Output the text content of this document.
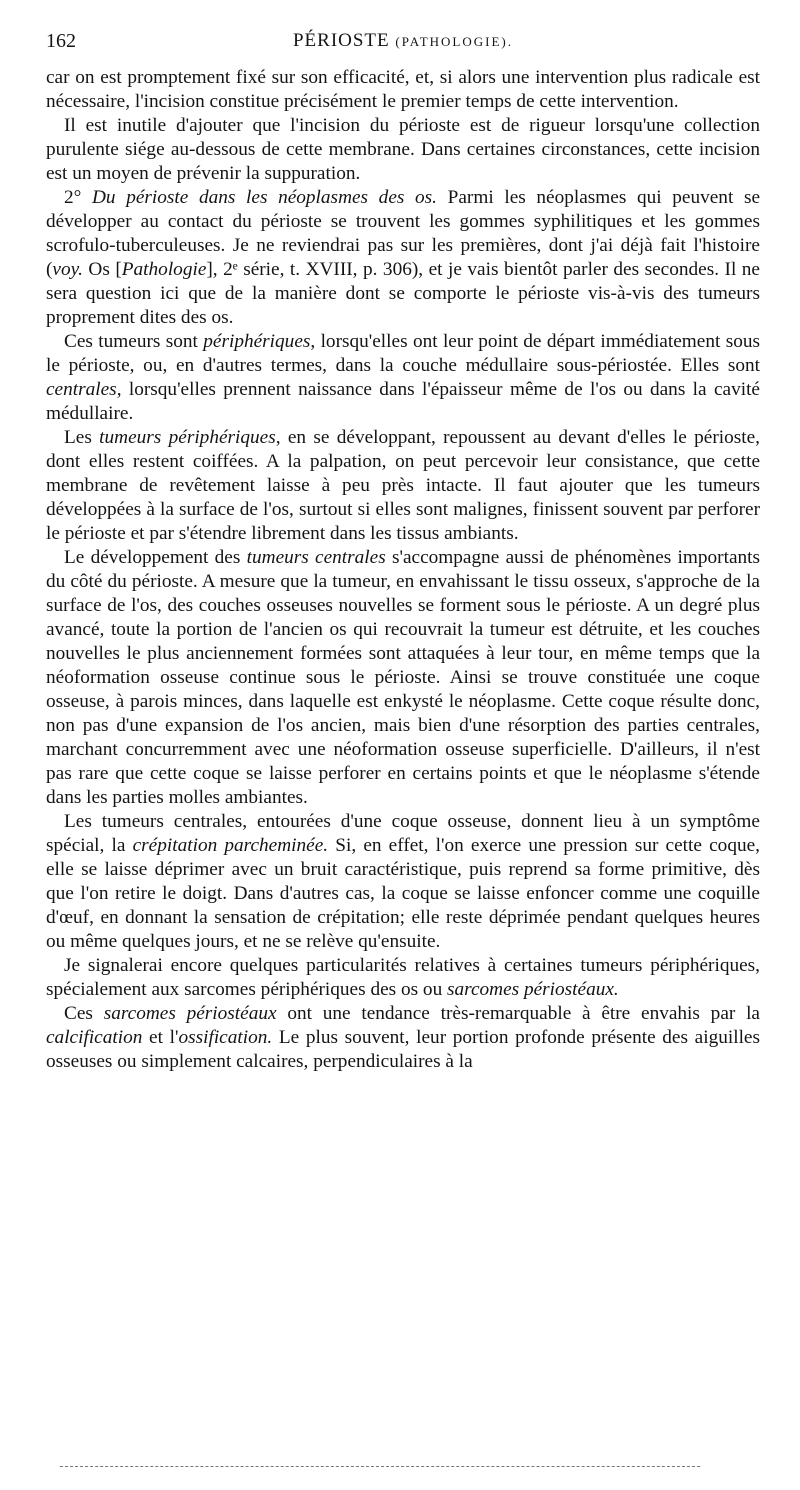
162	PÉRIOSTE (PATHOLOGIE).

car on est promptement fixé sur son efficacité, et, si alors une intervention plus radicale est nécessaire, l'incision constitue précisément le premier temps de cette intervention.

Il est inutile d'ajouter que l'incision du périoste est de rigueur lorsqu'une collection purulente siége au-dessous de cette membrane. Dans certaines circonstances, cette incision est un moyen de prévenir la suppuration.

2° Du périoste dans les néoplasmes des os. Parmi les néoplasmes qui peuvent se développer au contact du périoste se trouvent les gommes syphilitiques et les gommes scrofulo-tuberculeuses. Je ne reviendrai pas sur les premières, dont j'ai déjà fait l'histoire (voy. Os [Pathologie], 2ᵉ série, t. XVIII, p. 306), et je vais bientôt parler des secondes. Il ne sera question ici que de la manière dont se comporte le périoste vis-à-vis des tumeurs proprement dites des os.

Ces tumeurs sont périphériques, lorsqu'elles ont leur point de départ immédiatement sous le périoste, ou, en d'autres termes, dans la couche médullaire sous-périostée. Elles sont centrales, lorsqu'elles prennent naissance dans l'épaisseur même de l'os ou dans la cavité médullaire.

Les tumeurs périphériques, en se développant, repoussent au devant d'elles le périoste, dont elles restent coiffées. A la palpation, on peut percevoir leur consistance, que cette membrane de revêtement laisse à peu près intacte. Il faut ajouter que les tumeurs développées à la surface de l'os, surtout si elles sont malignes, finissent souvent par perforer le périoste et par s'étendre librement dans les tissus ambiants.

Le développement des tumeurs centrales s'accompagne aussi de phénomènes importants du côté du périoste. A mesure que la tumeur, en envahissant le tissu osseux, s'approche de la surface de l'os, des couches osseuses nouvelles se forment sous le périoste. A un degré plus avancé, toute la portion de l'ancien os qui recouvrait la tumeur est détruite, et les couches nouvelles le plus anciennement formées sont attaquées à leur tour, en même temps que la néoformation osseuse continue sous le périoste. Ainsi se trouve constituée une coque osseuse, à parois minces, dans laquelle est enkysté le néoplasme. Cette coque résulte donc, non pas d'une expansion de l'os ancien, mais bien d'une résorption des parties centrales, marchant concurremment avec une néoformation osseuse superficielle. D'ailleurs, il n'est pas rare que cette coque se laisse perforer en certains points et que le néoplasme s'étende dans les parties molles ambiantes.

Les tumeurs centrales, entourées d'une coque osseuse, donnent lieu à un symptôme spécial, la crépitation parcheminée. Si, en effet, l'on exerce une pression sur cette coque, elle se laisse déprimer avec un bruit caractéristique, puis reprend sa forme primitive, dès que l'on retire le doigt. Dans d'autres cas, la coque se laisse enfoncer comme une coquille d'œuf, en donnant la sensation de crépitation; elle reste déprimée pendant quelques heures ou même quelques jours, et ne se relève qu'ensuite.

Je signalerai encore quelques particularités relatives à certaines tumeurs périphériques, spécialement aux sarcomes périphériques des os ou sarcomes périostéaux.

Ces sarcomes périostéaux ont une tendance très-remarquable à être envahis par la calcification et l'ossification. Le plus souvent, leur portion profonde présente des aiguilles osseuses ou simplement calcaires, perpendiculaires à la
